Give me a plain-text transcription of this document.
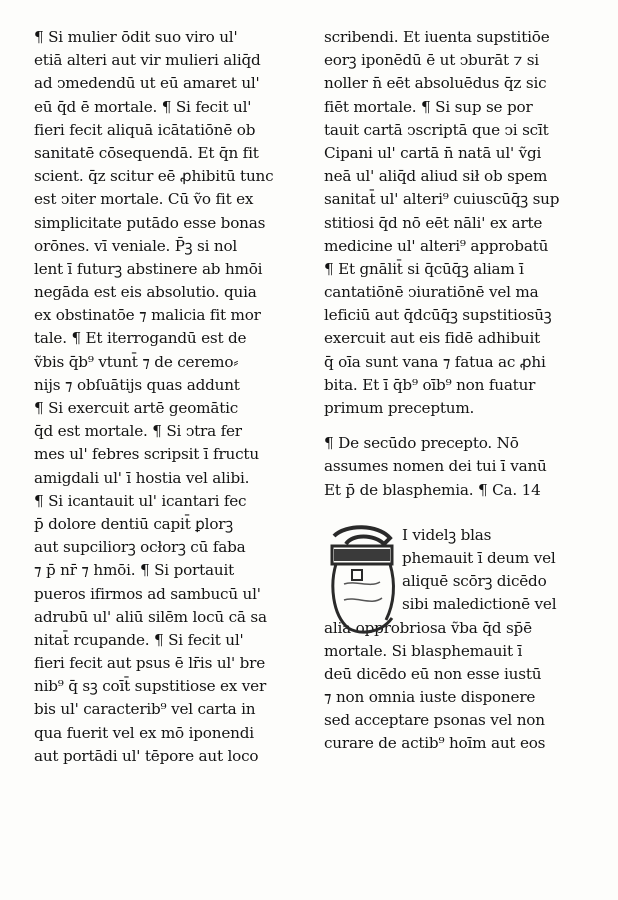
¶ Si mulier ōdit suo viro ul'
etiā alteri aut vir mulieri aliq̄d
ad ↄmedendū ut eū amaret ul'
eū q̄d ē mortale. ¶ Si fecit ul'
fieri fecit aliquā icātatiōnē ob
sanitatē cōsequendā. Et q̄n fit
scient. q̄z scitur eē ꝓhibitū tunc
est ↄiter mortale. Cū ṽo fit ex
simplicitate putādo esse bonas
orōnes. vī veniale. P̄ꝫ si nol
lent ī futurꝫ abstinere ab hmōi
negāda est eis absolutio. quia
ex obstinatōe ⁊ malicia fit mor
tale. ¶ Et iterrogandū est de
ṽbis q̄b⁹ vtunt̄ ⁊ de ceremo⸗
nijs ⁊ obſuātijs quas addunt
¶ Si exercuit artē geomātic
q̄d est mortale. ¶ Si ↄtra fer
mes ul' febres scripsit ī fructu
amigdali ul' ī hostia vel alibi.
¶ Si icantauit ul' icantari fec
p̄ dolore dentiū capit̄ ꝑlorꝫ
aut supciliorꝫ ocłorꝫ cū faba
⁊ p̄ nr̄ ⁊ hmōi. ¶ Si portauit
pueros ifirmos ad sambucū ul'
adrubū ul' aliū silēm locū cā sa
nitat̄ rcupande. ¶ Si fecit ul'
fieri fecit aut psus ē lr̄is ul' bre
nib⁹ q̄ sꝫ coīt̄ supstitiose ex ver
bis ul' caracterib⁹ vel carta in
qua fuerit vel ex mō iponendi
aut portādi ul' tēpore aut loco
scribendi. Et iuenta supstitiōe
eorꝫ iponēdū ē ut ↄburāt ⁊ si
noller n̄ eēt absoluēdus q̄z sic
fiēt mortale. ¶ Si sup se por
tauit cartā ↄscriptā que ↄi scīt
Cipani ul' cartā n̄ natā ul' ṽgi
neā ul' aliq̄d aliud sił ob spem
sanitat̄ ul' alteri⁹ cuiuscūq̄ꝫ sup
stitiosi q̄d nō eēt nāli' ex arte
medicine ul' alteri⁹ approbatū
¶ Et gnālit̄ si q̄cūq̄ꝫ aliam ī
cantatiōnē ↄiuratiōnē vel ma
leficiū aut q̄dcūq̄ꝫ supstitiosūꝫ
exercuit aut eis fidē adhibuit
q̄ oīa sunt vana ⁊ fatua ac ꝓhi
bita. Et ī q̄b⁹ oīb⁹ non fuatur
primum preceptum.
¶ De secūdo precepto. Nō
assumes nomen dei tui ī vanū
Et p̄ de blasphemia. ¶ Ca. 14
I videlꝫ blas
phemauit ī deum vel
aliquē scōrꝫ dicēdo
sibi maledictionē vel
alia opprobriosa ṽba q̄d sp̄ē
mortale. Si blasphemauit ī
deū dicēdo eū non esse iustū
⁊ non omnia iuste disponere
sed acceptare psonas vel non
curare de actib⁹ hoīm aut eos
